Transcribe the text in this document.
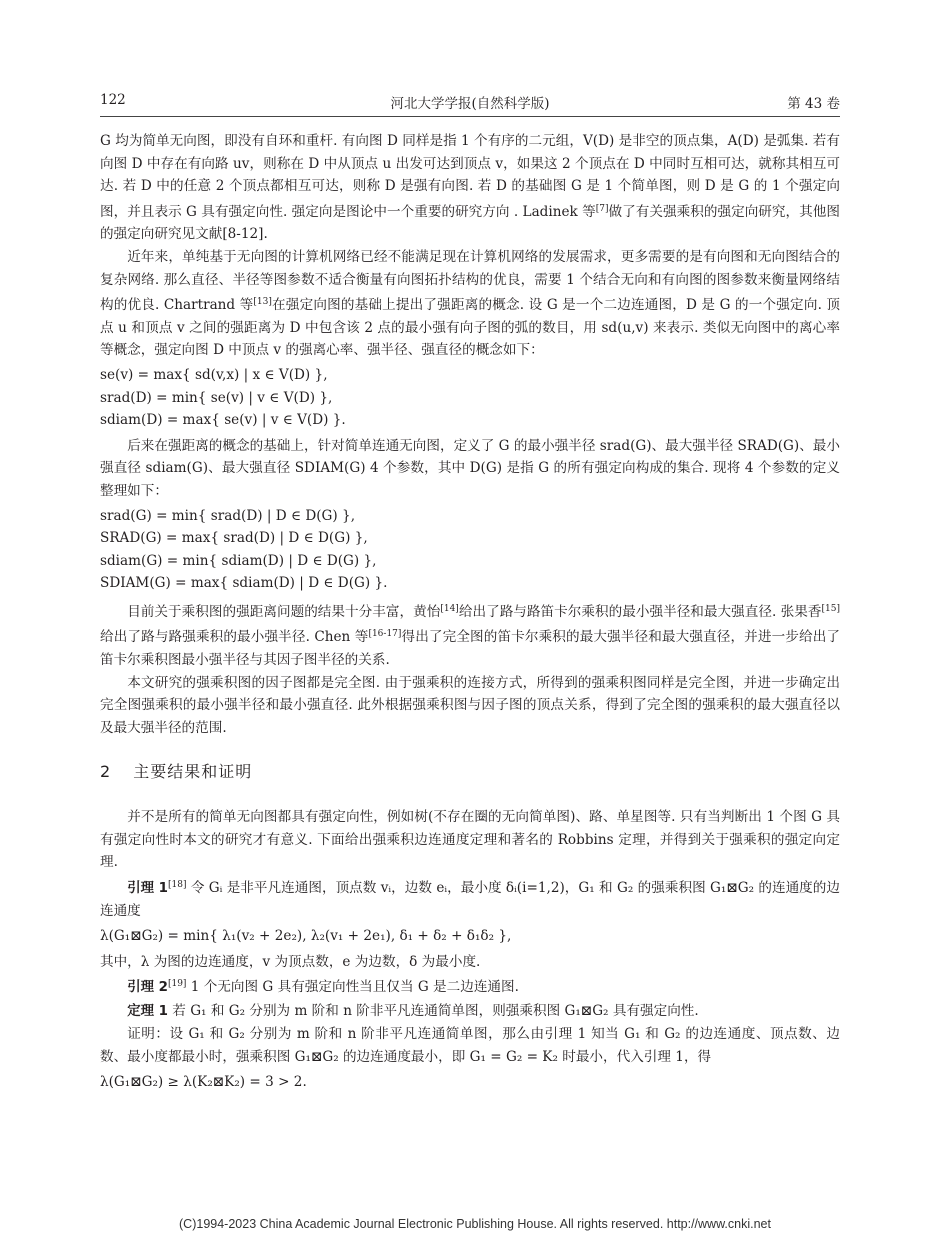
122	河北大学学报(自然科学版)	第 43 卷

G 均为简单无向图，即没有自环和重杆. 有向图 D 同样是指 1 个有序的二元组，V(D) 是非空的顶点集，A(D) 是弧集. 若有向图 D 中存在有向路 uv，则称在 D 中从顶点 u 出发可达到顶点 v，如果这 2 个顶点在 D 中同时互相可达，就称其相互可达. 若 D 中的任意 2 个顶点都相互可达，则称 D 是强有向图. 若 D 的基础图 G 是 1 个简单图，则 D 是 G 的 1 个强定向图，并且表示 G 具有强定向性. 强定向是图论中一个重要的研究方向 . Ladinek 等[7]做了有关强乘积的强定向研究，其他图的强定向研究见文献[8-12].

近年来，单纯基于无向图的计算机网络已经不能满足现在计算机网络的发展需求，更多需要的是有向图和无向图结合的复杂网络. 那么直径、半径等图参数不适合衡量有向图拓扑结构的优良，需要 1 个结合无向和有向图的图参数来衡量网络结构的优良. Chartrand 等[13]在强定向图的基础上提出了强距离的概念. 设 G 是一个二边连通图，D 是 G 的一个强定向. 顶点 u 和顶点 v 之间的强距离为 D 中包含该 2 点的最小强有向子图的弧的数目，用 sd(u,v) 来表示. 类似无向图中的离心率等概念，强定向图 D 中顶点 v 的强离心率、强半径、强直径的概念如下：

se(v) = max{ sd(v,x) | x ∈ V(D) },

srad(D) = min{ se(v) | v ∈ V(D) },

sdiam(D) = max{ se(v) | v ∈ V(D) }.

后来在强距离的概念的基础上，针对简单连通无向图，定义了 G 的最小强半径 srad(G)、最大强半径 SRAD(G)、最小强直径 sdiam(G)、最大强直径 SDIAM(G) 4 个参数，其中 D(G) 是指 G 的所有强定向构成的集合. 现将 4 个参数的定义整理如下：

srad(G) = min{ srad(D) | D ∈ D(G) },

SRAD(G) = max{ srad(D) | D ∈ D(G) },

sdiam(G) = min{ sdiam(D) | D ∈ D(G) },

SDIAM(G) = max{ sdiam(D) | D ∈ D(G) }.

目前关于乘积图的强距离问题的结果十分丰富，黄怡[14]给出了路与路笛卡尔乘积的最小强半径和最大强直径. 张果香[15]给出了路与路强乘积的最小强半径. Chen 等[16-17]得出了完全图的笛卡尔乘积的最大强半径和最大强直径，并进一步给出了笛卡尔乘积图最小强半径与其因子图半径的关系.

本文研究的强乘积图的因子图都是完全图. 由于强乘积的连接方式，所得到的强乘积图同样是完全图，并进一步确定出完全图强乘积的最小强半径和最小强直径. 此外根据强乘积图与因子图的顶点关系，得到了完全图的强乘积的最大强直径以及最大强半径的范围.

2 主要结果和证明

并不是所有的简单无向图都具有强定向性，例如树(不存在圈的无向简单图)、路、单星图等. 只有当判断出 1 个图 G 具有强定向性时本文的研究才有意义. 下面给出强乘积边连通度定理和著名的 Robbins 定理，并得到关于强乘积的强定向定理.

引理 1[18] 令 Gᵢ 是非平凡连通图，顶点数 vᵢ，边数 eᵢ，最小度 δᵢ(i=1,2)，G₁ 和 G₂ 的强乘积图 G₁⊠G₂ 的连通度的边连通度

λ(G₁⊠G₂) = min{ λ₁(v₂ + 2e₂), λ₂(v₁ + 2e₁), δ₁ + δ₂ + δ₁δ₂ },

其中，λ 为图的边连通度，v 为顶点数，e 为边数，δ 为最小度.

引理 2[19] 1 个无向图 G 具有强定向性当且仅当 G 是二边连通图.

定理 1 若 G₁ 和 G₂ 分别为 m 阶和 n 阶非平凡连通简单图，则强乘积图 G₁⊠G₂ 具有强定向性.

证明：设 G₁ 和 G₂ 分别为 m 阶和 n 阶非平凡连通简单图，那么由引理 1 知当 G₁ 和 G₂ 的边连通度、顶点数、边数、最小度都最小时，强乘积图 G₁⊠G₂ 的边连通度最小，即 G₁ = G₂ = K₂ 时最小，代入引理 1，得

λ(G₁⊠G₂) ≥ λ(K₂⊠K₂) = 3 > 2.

(C)1994-2023 China Academic Journal Electronic Publishing House. All rights reserved. http://www.cnki.net
